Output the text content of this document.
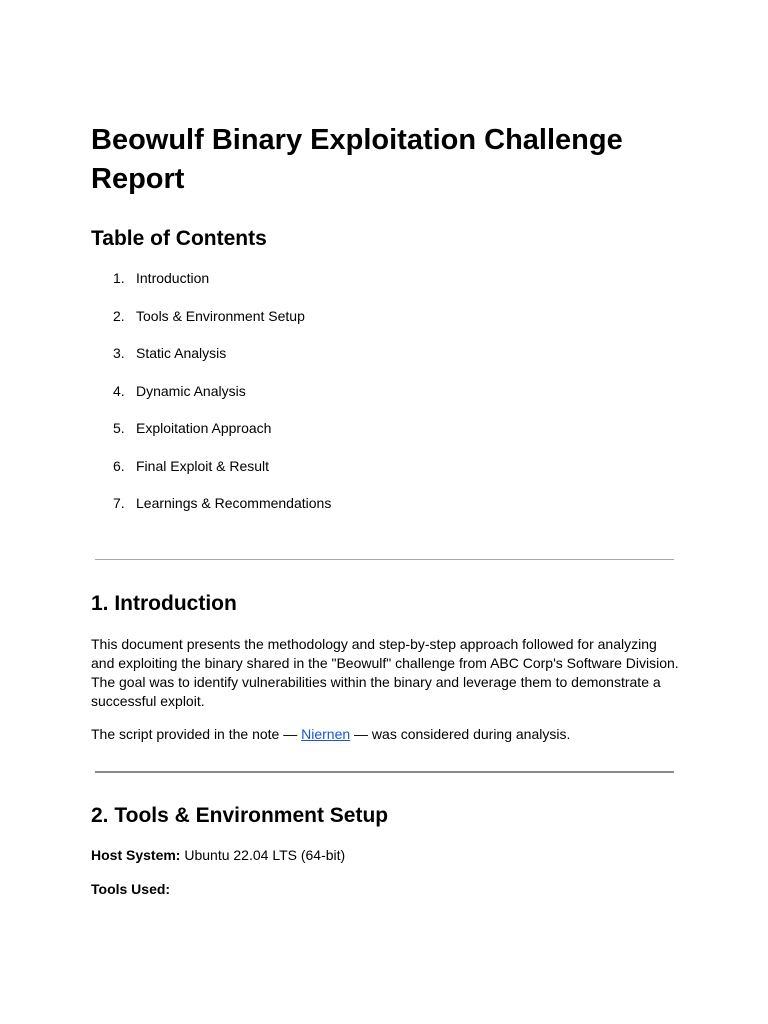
Beowulf Binary Exploitation Challenge Report
Table of Contents
1. Introduction
2. Tools & Environment Setup
3. Static Analysis
4. Dynamic Analysis
5. Exploitation Approach
6. Final Exploit & Result
7. Learnings & Recommendations
1. Introduction

This document presents the methodology and step-by-step approach followed for analyzing and exploiting the binary shared in the "Beowulf" challenge from ABC Corp's Software Division. The goal was to identify vulnerabilities within the binary and leverage them to demonstrate a successful exploit.

The script provided in the note — Niernen — was considered during analysis.

2. Tools & Environment Setup

Host System: Ubuntu 22.04 LTS (64-bit)

Tools Used:
